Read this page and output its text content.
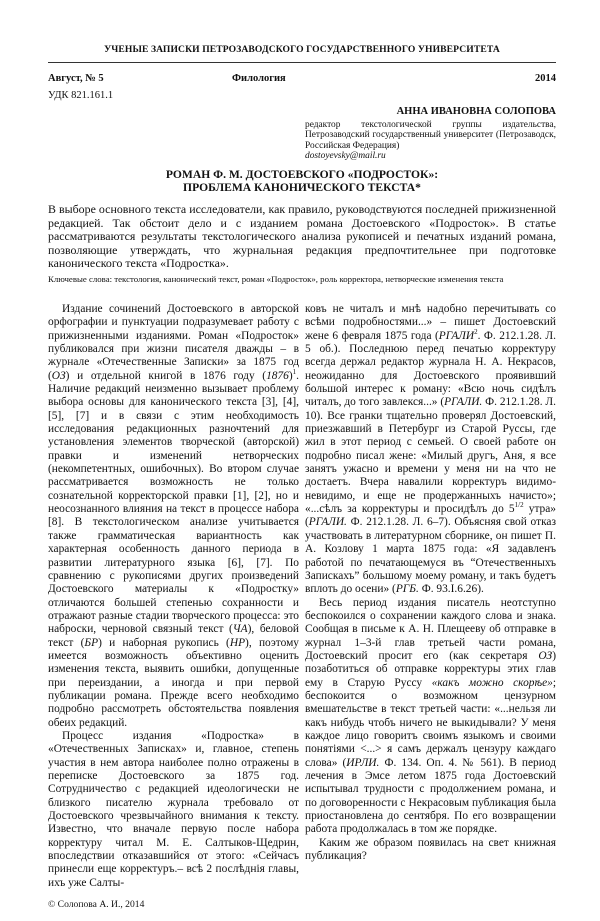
УЧЕНЫЕ ЗАПИСКИ ПЕТРОЗАВОДСКОГО ГОСУДАРСТВЕННОГО УНИВЕРСИТЕТА
Август, № 5	Филология	2014
УДК 821.161.1
АННА ИВАНОВНА СОЛОПОВА
редактор текстологической группы издательства, Петрозаводский государственный университет (Петрозаводск, Российская Федерация)
dostoyevsky@mail.ru
РОМАН Ф. М. ДОСТОЕВСКОГО «ПОДРОСТОК»:
ПРОБЛЕМА КАНОНИЧЕСКОГО ТЕКСТА*
В выборе основного текста исследователи, как правило, руководствуются последней прижизненной редакцией. Так обстоит дело и с изданием романа Достоевского «Подросток». В статье рассматриваются результаты текстологического анализа рукописей и печатных изданий романа, позволяющие утверждать, что журнальная редакция предпочтительнее при подготовке канонического текста «Подростка».
Ключевые слова: текстология, канонический текст, роман «Подросток», роль корректора, нетворческие изменения текста

Издание сочинений Достоевского в авторской орфографии и пунктуации подразумевает работу с прижизненными изданиями. Роман «Подросток» публиковался при жизни писателя дважды – в журнале «Отечественные Записки» за 1875 год (ОЗ) и отдельной книгой в 1876 году $(1876)^1$. Наличие редакций неизменно вызывает проблему выбора основы для канонического текста [3], [4], [5], [7] и в связи с этим необходимость исследования редакционных разночтений для установления элементов творческой (авторской) правки и изменений нетворческих (некомпетентных, ошибочных). Во втором случае рассматривается возможность не только сознательной корректорской правки [1], [2], но и неосознанного влияния на текст в процессе набора [8]. В текстологическом анализе учитывается также грамматическая вариантность как характерная особенность данного периода в развитии литературного языка [6], [7]. По сравнению с рукописями других произведений Достоевского материалы к «Подростку» отличаются большей степенью сохранности и отражают разные стадии творческого процесса: это наброски, черновой связный текст (ЧА), беловой текст (БР) и наборная рукопись (НР), поэтому имеется возможность объективно оценить изменения текста, выявить ошибки, допущенные при переиздании, а иногда и при первой публикации романа. Прежде всего необходимо подробно рассмотреть обстоятельства появления обеих редакций.

Процесс издания «Подростка» в «Отечественных Записках» и, главное, степень участия в нем автора наиболее полно отражены в переписке Достоевского за 1875 год. Сотрудничество с редакцией идеологически не близкого писателю журнала требовало от Достоевского чрезвычайного внимания к тексту. Известно, что вначале первую после набора корректуру читал М. Е. Салтыков-Щедрин, впоследствии отказавшийся от этого: «Сейчасъ принесли еще корректуръ.– всѣ 2 послѣднія главы, ихъ уже Салты-

© Солопова А. И., 2014

ковъ не читалъ и мнѣ надобно перечитывать со всѣми подробностями...» – пишет Достоевский жене 6 февраля 1875 года (РГАЛИ$^2$. Ф. 212.1.28. Л. 5 об.). Последнюю перед печатью корректуру всегда держал редактор журнала Н. А. Некрасов, неожиданно для Достоевского проявивший большой интерес к роману: «Всю ночь сидѣлъ читалъ, до того завлекся...» (РГАЛИ. Ф. 212.1.28. Л. 10). Все гранки тщательно проверял Достоевский, приезжавший в Петербург из Старой Руссы, где жил в этот период с семьей. О своей работе он подробно писал жене: «Милый другъ, Аня, я все занятъ ужасно и времени у меня ни на что не достаетъ. Вчера навалили корректуръ видимо-невидимо, и еще не продержанныхъ начисто»; «...сѣлъ за корректуры и просидѣлъ до $5^{1/2}$ утра» (РГАЛИ. Ф. 212.1.28. Л. 6–7). Объясняя свой отказ участвовать в литературном сборнике, он пишет П. А. Козлову 1 марта 1875 года: «Я задавленъ работой по печатающемуся въ “Отечественныхъ Запискахъ” большому моему роману, и такъ будетъ вплоть до осени» (РГБ. Ф. 93.I.6.26).

Весь период издания писатель неотступно беспокоился о сохранении каждого слова и знака. Сообщая в письме к А. Н. Плещееву об отправке в журнал 1–3-й глав третьей части романа, Достоевский просит его (как секретаря ОЗ) позаботиться об отправке корректуры этих глав ему в Старую Руссу «какъ можно скорѣе»; беспокоится о возможном цензурном вмешательстве в текст третьей части: «...нельзя ли какъ нибудь чтобъ ничего не выкидывали? У меня каждое лицо говоритъ своимъ языкомъ и своими понятіями <...> я самъ держалъ цензуру каждаго слова» (ИРЛИ. Ф. 134. Оп. 4. № 561). В период лечения в Эмсе летом 1875 года Достоевский испытывал трудности с продолжением романа, и по договоренности с Некрасовым публикация была приостановлена до сентября. По его возвращении работа продолжалась в том же порядке.

Каким же образом появилась на свет книжная публикация?
